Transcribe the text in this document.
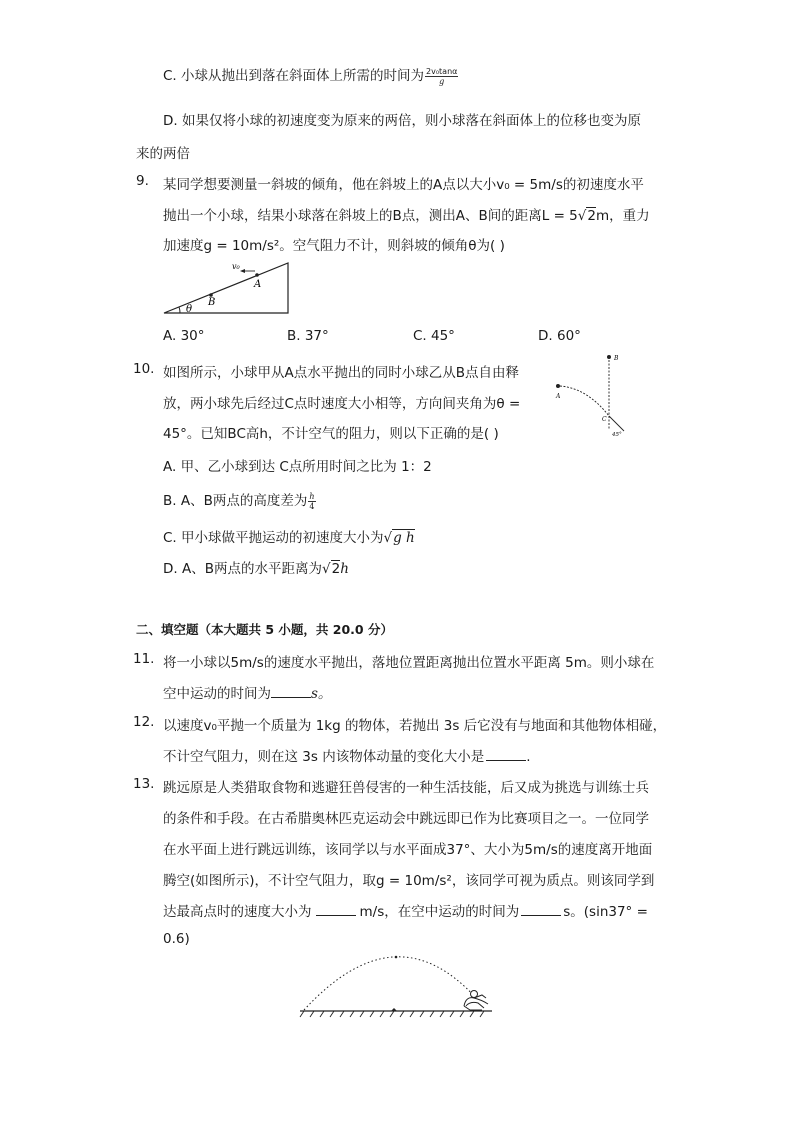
C. 小球从抛出到落在斜面体上所需的时间为 $\frac{\text{2v₀tanα}}{g}$
D. 如果仅将小球的初速度变为原来的两倍，则小球落在斜面体上的位移也变为原
来的两倍
9. 某同学想要测量一斜坡的倾角，他在斜坡上的A点以大小v₀ = 5m/s的初速度水平
抛出一个小球，结果小球落在斜坡上的B点，测出A、B间的距离L = 5√2m，重力
加速度g = 10m/s²。空气阻力不计，则斜坡的倾角θ为( )
v₀
A
B
θ
A. 30°	B. 37°	C. 45°	D. 60°
10. 如图所示，小球甲从A点水平抛出的同时小球乙从B点自由释
放，两小球先后经过C点时速度大小相等，方向间夹角为θ =
45°。已知BC高h，不计空气的阻力，则以下正确的是( )
B
A
C
45°
A. 甲、乙小球到达 C点所用时间之比为 1：2
B. A、B两点的高度差为 $\frac{h}{4}$
C. 甲小球做平抛运动的初速度大小为√g h
D. A、B两点的水平距离为√2h
二、填空题（本大题共 5 小题，共 20.0 分）
11. 将一小球以5m/s的速度水平抛出，落地位置距离抛出位置水平距离 5m。则小球在
空中运动的时间为	s。
12. 以速度v₀平抛一个质量为 1kg 的物体，若抛出 3s 后它没有与地面和其他物体相碰，
不计空气阻力，则在这 3s 内该物体动量的变化大小是	.
13. 跳远原是人类猎取食物和逃避狂兽侵害的一种生活技能，后又成为挑选与训练士兵
的条件和手段。在古希腊奥林匹克运动会中跳远即已作为比赛项目之一。一位同学
在水平面上进行跳远训练，该同学以与水平面成37°、大小为5m/s的速度离开地面
腾空(如图所示)，不计空气阻力，取g = 10m/s²，该同学可视为质点。则该同学到
达最高点时的速度大小为	m/s，在空中运动的时间为	s。(sin37° =
0.6)
